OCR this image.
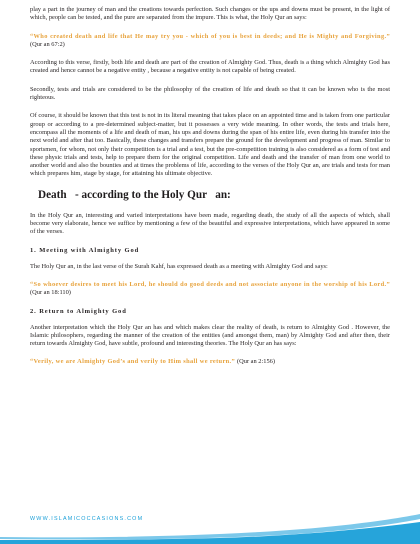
play a part in the journey of man and the creations towards perfection. Such changes or the ups and downs must be present, in the light of which, people can be tested, and the pure are separated from the impure. This is what, the Holy Qur an says:

“Who created death and life that He may try you - which of you is best in deeds; and He is Mighty and Forgiving.” (Qur an 67:2)

According to this verse, firstly, both life and death are part of the creation of Almighty God. Thus, death is a thing which Almighty God has created and hence cannot be a negative entity , because a negative entity is not capable of being created.

Secondly, tests and trials are considered to be the philosophy of the creation of life and death so that it can be known who is the most righteous.

Of course, it should be known that this test is not in its literal meaning that takes place on an appointed time and is taken from one particular group or according to a pre-determined subject-matter, but it possesses a very wide meaning. In other words, the tests and trials here, encompass all the moments of a life and death of man, his ups and downs during the span of his entire life, even during his transfer into the next world and after that too. Basically, these changes and transfers prepare the ground for the development and progress of man. Similar to sportsmen, for whom, not only their competition is a trial and a test, but the pre-competition training is also considered as a form of test and these physic trials and tests, help to prepare them for the original competition. Life and death and the transfer of man from one world to another world and also the bounties and at times the problems of life, according to the verses of the Holy Qur an, are trials and tests for man which prepares him, stage by stage, for attaining his ultimate objective.

Death   - according to the Holy Qur   an:

In the Holy Qur an, interesting and varied interpretations have been made, regarding death, the study of all the aspects of which, shall become very elaborate, hence we suffice by mentioning a few of the beautiful and expressive interpretations, which have appeared in some of the verses.

1. Meeting with Almighty God

The Holy Qur an, in the last verse of the Surah Kahf, has expressed death as a meeting with Almighty God and says:

“So whoever desires to meet his Lord, he should do good deeds and not associate anyone in the worship of his Lord.” (Qur an 18:110)

2. Return to Almighty God

Another interpretation which the Holy Qur an has and which makes clear the reality of death, is return to Almighty God . However, the Islamic philosophers, regarding the manner of the creation of the entities (and amongst them, man) by Almighty God and after then, their return towards Almighty God, have subtle, profound and interesting theories. The Holy Qur an has says:

“Verily, we are Almighty God’s and verily to Him shall we return.” (Qur an 2:156)

WWW.ISLAMICOCCASIONS.COM
